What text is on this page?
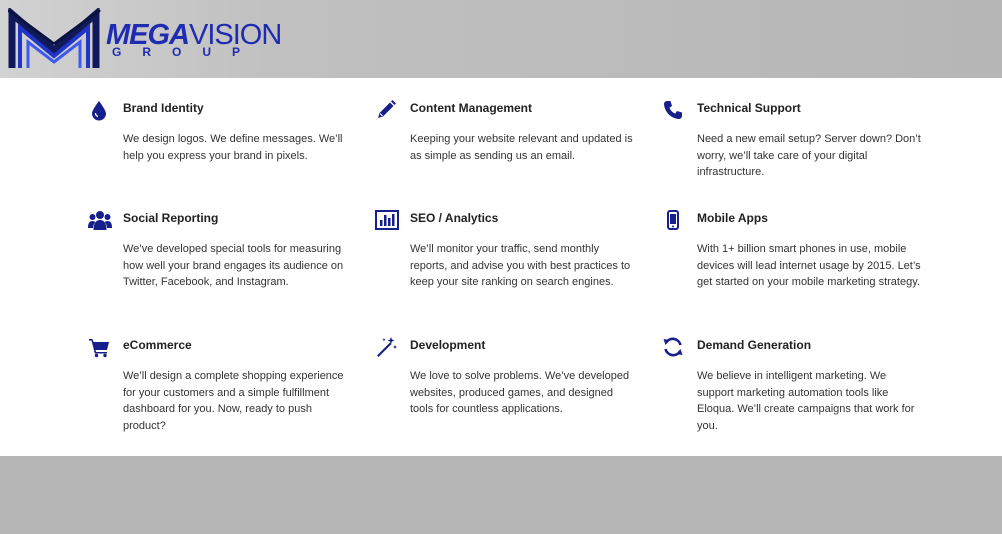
MEGAVISION
GROUP
Brand Identity

We design logos. We define messages. We’ll help you express your brand in pixels.

Content Management

Keeping your website relevant and updated is as simple as sending us an email.

Technical Support

Need a new email setup? Server down? Don’t worry, we’ll take care of your digital infrastructure.

Social Reporting

We’ve developed special tools for measuring how well your brand engages its audience on Twitter, Facebook, and Instagram.

SEO / Analytics

We’ll monitor your traffic, send monthly reports, and advise you with best practices to keep your site ranking on search engines.

Mobile Apps

With 1+ billion smart phones in use, mobile devices will lead internet usage by 2015. Let’s get started on your mobile marketing strategy.

eCommerce

We’ll design a complete shopping experience for your customers and a simple fulfillment dashboard for you. Now, ready to push product?

Development

We love to solve problems. We’ve developed websites, produced games, and designed tools for countless applications.

Demand Generation

We believe in intelligent marketing. We support marketing automation tools like Eloqua. We’ll create campaigns that work for you.
